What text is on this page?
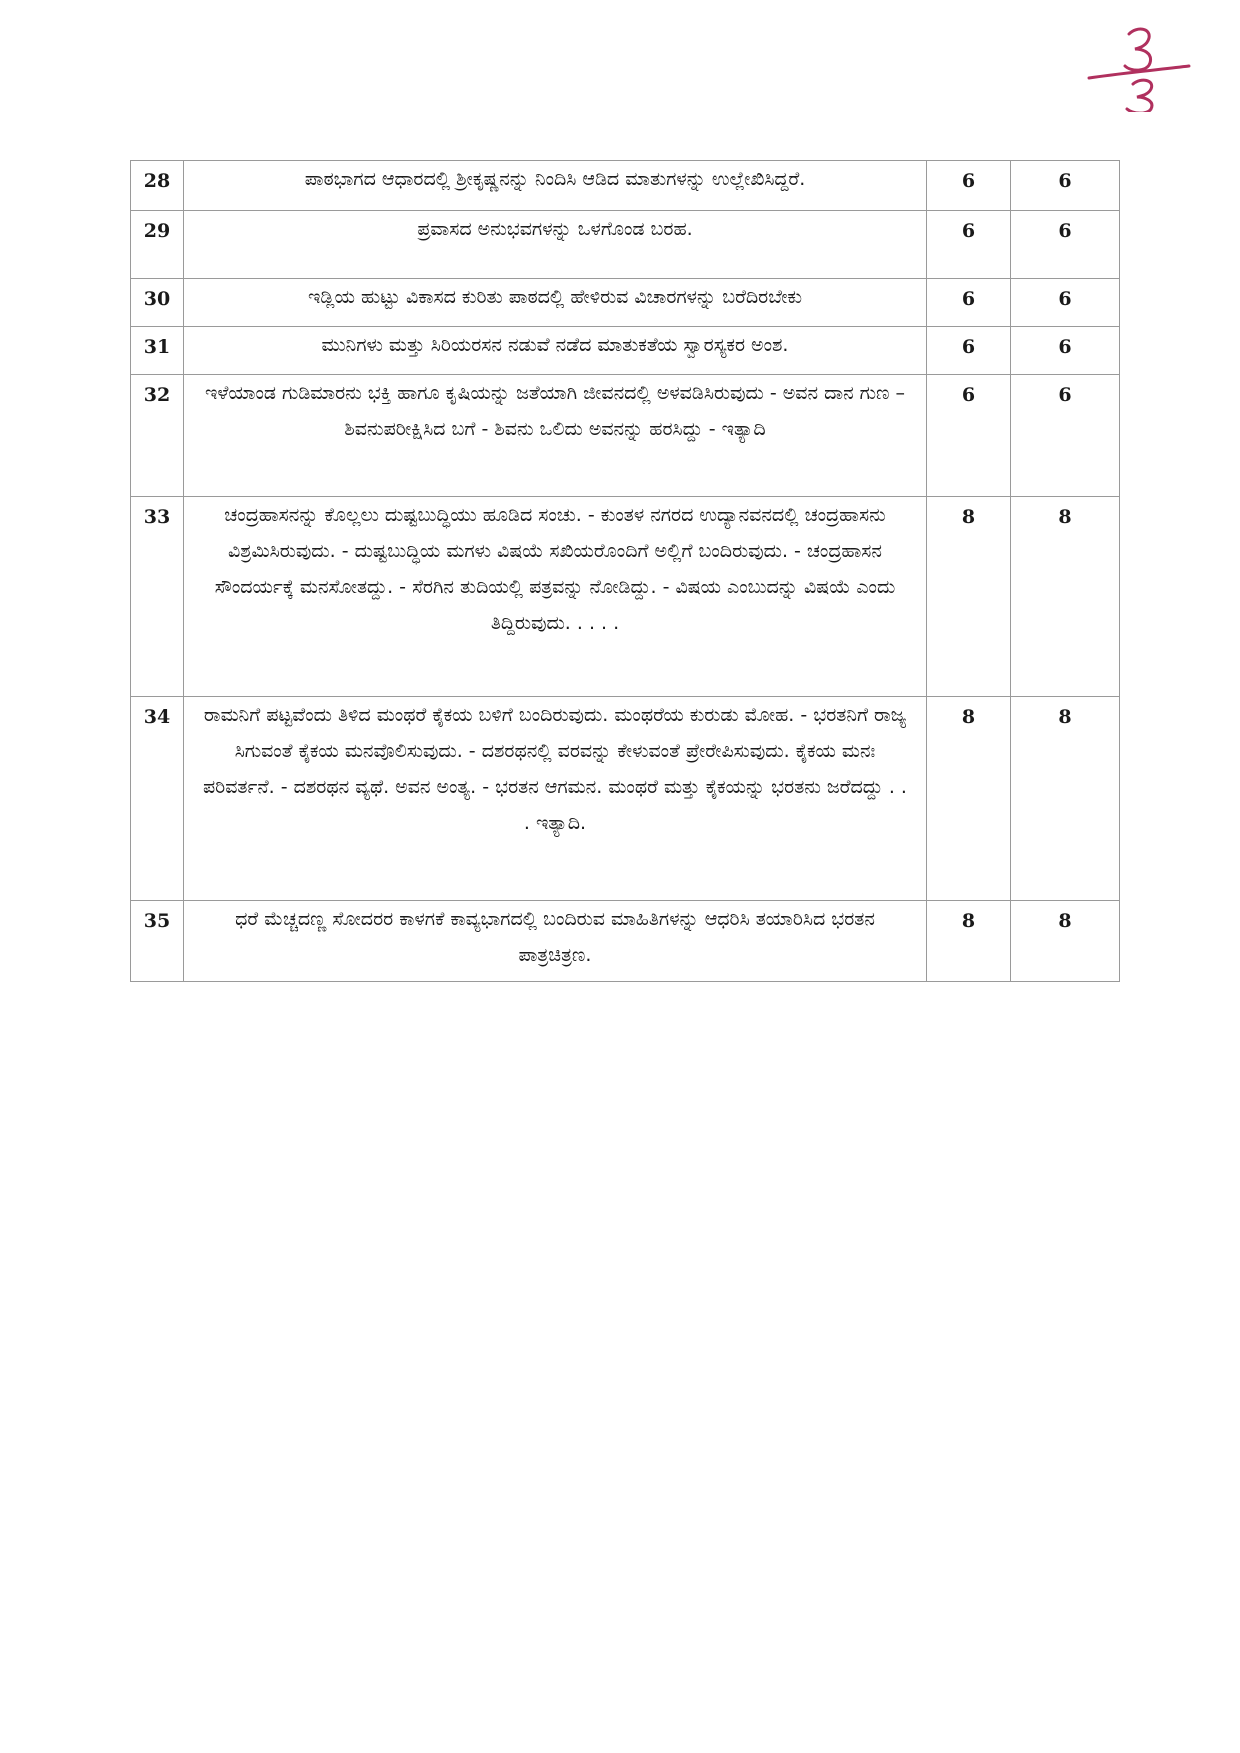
28	ಪಾಠಭಾಗದ ಆಧಾರದಲ್ಲಿ ಶ್ರೀಕೃಷ್ಣನನ್ನು ನಿಂದಿಸಿ ಆಡಿದ ಮಾತುಗಳನ್ನು ಉಲ್ಲೇಖಿಸಿದ್ದರೆ.	6	6
29	ಪ್ರವಾಸದ ಅನುಭವಗಳನ್ನು ಒಳಗೊಂಡ ಬರಹ.	6	6
30	ಇಡ್ಲಿಯ ಹುಟ್ಟು ವಿಕಾಸದ ಕುರಿತು ಪಾಠದಲ್ಲಿ ಹೇಳಿರುವ ವಿಚಾರಗಳನ್ನು ಬರೆದಿರಬೇಕು	6	6
31	ಮುನಿಗಳು ಮತ್ತು ಸಿರಿಯರಸನ ನಡುವೆ ನಡೆದ ಮಾತುಕತೆಯ ಸ್ವಾರಸ್ಯಕರ ಅಂಶ.	6	6
32	ಇಳೆಯಾಂಡ ಗುಡಿಮಾರನು ಭಕ್ತಿ ಹಾಗೂ ಕೃಷಿಯನ್ನು ಜತೆಯಾಗಿ ಜೀವನದಲ್ಲಿ ಅಳವಡಿಸಿರುವುದು - ಅವನ ದಾನ ಗುಣ – ಶಿವನುಪರೀಕ್ಷಿಸಿದ ಬಗೆ - ಶಿವನು ಒಲಿದು ಅವನನ್ನು ಹರಸಿದ್ದು - ಇತ್ಯಾದಿ	6	6
33	ಚಂದ್ರಹಾಸನನ್ನು ಕೊಲ್ಲಲು ದುಷ್ಟಬುದ್ಧಿಯು ಹೂಡಿದ ಸಂಚು. - ಕುಂತಳ ನಗರದ ಉದ್ಯಾನವನದಲ್ಲಿ ಚಂದ್ರಹಾಸನು ವಿಶ್ರಮಿಸಿರುವುದು. - ದುಷ್ಟಬುದ್ಧಿಯ ಮಗಳು ವಿಷಯೆ ಸಖಿಯರೊಂದಿಗೆ ಅಲ್ಲಿಗೆ ಬಂದಿರುವುದು. - ಚಂದ್ರಹಾಸನ ಸೌಂದರ್ಯಕ್ಕೆ ಮನಸೋತದ್ದು. - ಸೆರಗಿನ ತುದಿಯಲ್ಲಿ ಪತ್ರವನ್ನು ನೋಡಿದ್ದು. - ವಿಷಯ ಎಂಬುದನ್ನು ವಿಷಯೆ ಎಂದು ತಿದ್ದಿರುವುದು. . . . .	8	8
34	ರಾಮನಿಗೆ ಪಟ್ಟವೆಂದು ತಿಳಿದ ಮಂಥರೆ ಕೈಕಯ ಬಳಿಗೆ ಬಂದಿರುವುದು. ಮಂಥರೆಯ ಕುರುಡು ಮೋಹ. - ಭರತನಿಗೆ ರಾಜ್ಯ ಸಿಗುವಂತೆ ಕೈಕಯ ಮನವೊಲಿಸುವುದು. - ದಶರಥನಲ್ಲಿ ವರವನ್ನು ಕೇಳುವಂತೆ ಪ್ರೇರೇಪಿಸುವುದು. ಕೈಕಯ ಮನಃ ಪರಿವರ್ತನೆ. - ದಶರಥನ ವ್ಯಥೆ. ಅವನ ಅಂತ್ಯ. - ಭರತನ ಆಗಮನ. ಮಂಥರೆ ಮತ್ತು ಕೈಕಯನ್ನು ಭರತನು ಜರೆದದ್ದು . . . ಇತ್ಯಾದಿ.	8	8
35	ಧರೆ ಮೆಚ್ಚದಣ್ಣ ಸೋದರರ ಕಾಳಗಕೆ ಕಾವ್ಯಭಾಗದಲ್ಲಿ ಬಂದಿರುವ ಮಾಹಿತಿಗಳನ್ನು ಆಧರಿಸಿ ತಯಾರಿಸಿದ ಭರತನ ಪಾತ್ರಚಿತ್ರಣ.	8	8
